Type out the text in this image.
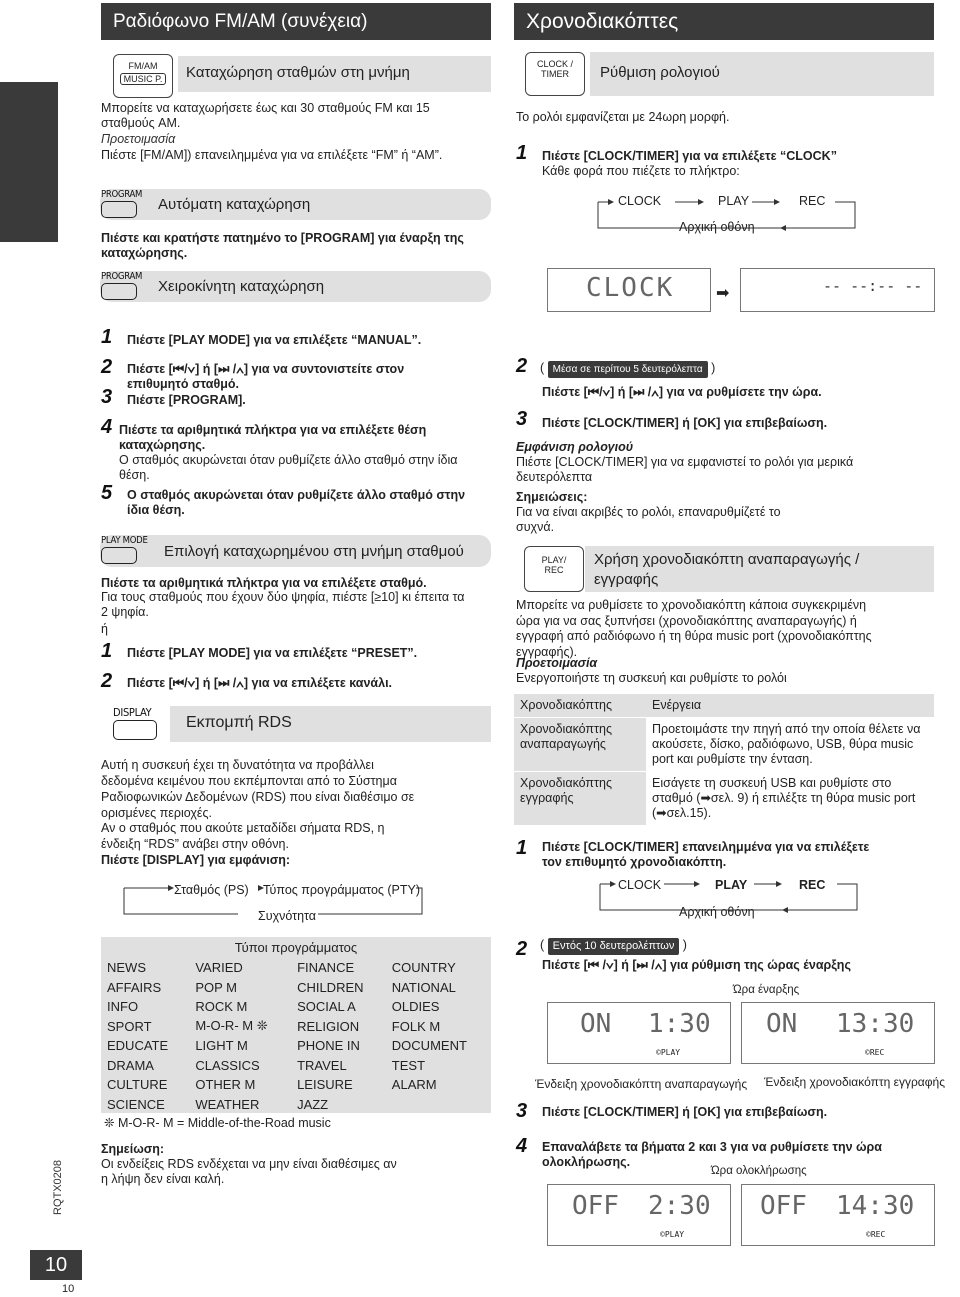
RQTX0208
10
10
Ραδιόφωνο FM/AM (συνέχεια)
FM/AM
MUSIC P. Καταχώρηση σταθμών στη μνήμη
Μπορείτε να καταχωρήσετε έως και 30 σταθμούς FM και 15 σταθμούς AM.
Προετοιμασία
Πιέστε [FM/AM]) επανειλημμένα για να επιλέξετε “FM” ή “AM”.
Αυτόματη καταχώρηση
PROGRAM
Πιέστε και κρατήστε πατημένο το [PROGRAM] για έναρξη της καταχώρησης.
Χειροκίνητη καταχώρηση
PROGRAM
1 Πιέστε [PLAY MODE] για να επιλέξετε “MANUAL”.
2 Πιέστε [⏮/∨] ή [⏭ /∧] για να συντονιστείτε στον επιθυμητό σταθμό.
3 Πιέστε [PROGRAM].
4 Πιέστε τα αριθμητικά πλήκτρα για να επιλέξετε θέση καταχώρησης.
Ο σταθμός ακυρώνεται όταν ρυθμίζετε άλλο σταθμό στην ίδια θέση.
5 Ο σταθμός ακυρώνεται όταν ρυθμίζετε άλλο σταθμό στην ίδια θέση.
Επιλογή καταχωρημένου στη μνήμη σταθμού
PLAY MODE
Πιέστε τα αριθμητικά πλήκτρα για να επιλέξετε σταθμό.
Για τους σταθμούς που έχουν δύο ψηφία, πιέστε [≥10] κι έπειτα τα 2 ψηφία.
ή
1 Πιέστε [PLAY MODE] για να επιλέξετε “PRESET”.
2 Πιέστε [⏮/∨] ή [⏭ /∧] για να επιλέξετε κανάλι.
DISPLAY
Εκπομπή RDS
Αυτή η συσκευή έχει τη δυνατότητα να προβάλλει δεδομένα κειμένου που εκπέμπονται από το Σύστημα Ραδιοφωνικών Δεδομένων (RDS) που είναι διαθέσιμο σε ορισμένες περιοχές.
Αν ο σταθμός που ακούτε μεταδίδει σήματα RDS, η ένδειξη “RDS” ανάβει στην οθόνη.
Πιέστε [DISPLAY] για εμφάνιση:
Σταθμός (PS) Τύπος προγράμματος (PTY)
Συχνότητα
Τύποι προγράμματος
NEWS	VARIED	FINANCE	COUNTRY
AFFAIRS	POP M	CHILDREN	NATIONAL
INFO	ROCK M	SOCIAL A	OLDIES
SPORT	M-O-R- M ❊	RELIGION	FOLK M
EDUCATE	LIGHT M	PHONE IN	DOCUMENT
DRAMA	CLASSICS	TRAVEL	TEST
CULTURE	OTHER M	LEISURE	ALARM
SCIENCE	WEATHER	JAZZ	
❊ M-O-R- M = Middle-of-the-Road music
Σημείωση:
Οι ενδείξεις RDS ενδέχεται να μην είναι διαθέσιμες αν η λήψη δεν είναι καλή.
Χρονοδιακόπτες
CLOCK /
TIMER	Ρύθμιση ρολογιού
Το ρολόι εμφανίζεται με 24ωρη μορφή.
1 Πιέστε [CLOCK/TIMER] για να επιλέξετε “CLOCK”
Κάθε φορά που πιέζετε το πλήκτρο:
CLOCK	PLAY	REC
Αρχική οθόνη
CLOCK	➡	-- --:-- --
2 ( Μέσα σε περίπου 5 δευτερόλεπτα )
Πιέστε [⏮/∨] ή [⏭ /∧] για να ρυθμίσετε την ώρα.
3 Πιέστε [CLOCK/TIMER] ή [OK] για επιβεβαίωση.
Εμφάνιση ρολογιού
Πιέστε [CLOCK/TIMER] για να εμφανιστεί το ρολόι για μερικά δευτερόλεπτα
Σημειώσεις:
Για να είναι ακριβές το ρολόι, επαναρυθμίζετέ το συχνά.
PLAY/
REC
Χρήση χρονοδιακόπτη αναπαραγωγής / εγγραφής
Μπορείτε να ρυθμίσετε το χρονοδιακόπτη κάποια συγκεκριμένη ώρα για να σας ξυπνήσει (χρονοδιακόπτης αναπαραγωγής) ή εγγραφή από ραδιόφωνο ή τη θύρα music port (χρονοδιακόπτης εγγραφής).
Προετοιμασία
Ενεργοποιήστε τη συσκευή και ρυθμίστε το ρολόι
Χρονοδιακόπτης	Ενέργεια
Χρονοδιακόπτης αναπαραγωγής	Προετοιμάστε την πηγή από την οποία θέλετε να ακούσετε, δίσκο, ραδιόφωνο, USB, θύρα music port και ρυθμίστε την ένταση.
Χρονοδιακόπτης εγγραφής	Εισάγετε τη συσκευή USB και ρυθμίστε στο σταθμό (➡σελ. 9) ή επιλέξτε τη θύρα music port (➡σελ.15).
1 Πιέστε [CLOCK/TIMER] επανειλημμένα για να επιλέξετε τον επιθυμητό χρονοδιακόπτη.
CLOCK	PLAY	REC
Αρχική οθόνη
2 ( Εντός 10 δευτερολέπτων )
Πιέστε [⏮ /∨] ή [⏭ /∧] για ρύθμιση της ώρας έναρξης
Ώρα έναρξης
ON 1:30
©PLAY
ON 13:30
©REC
Ένδειξη χρονοδιακόπτη αναπαραγωγής Ένδειξη χρονοδιακόπτη εγγραφής
3 Πιέστε [CLOCK/TIMER] ή [OK] για επιβεβαίωση.
4 Επαναλάβετε τα βήματα 2 και 3 για να ρυθμίσετε την ώρα ολοκλήρωσης.
Ώρα ολοκλήρωσης
OFF 2:30
©PLAY
OFF 14:30
©REC
